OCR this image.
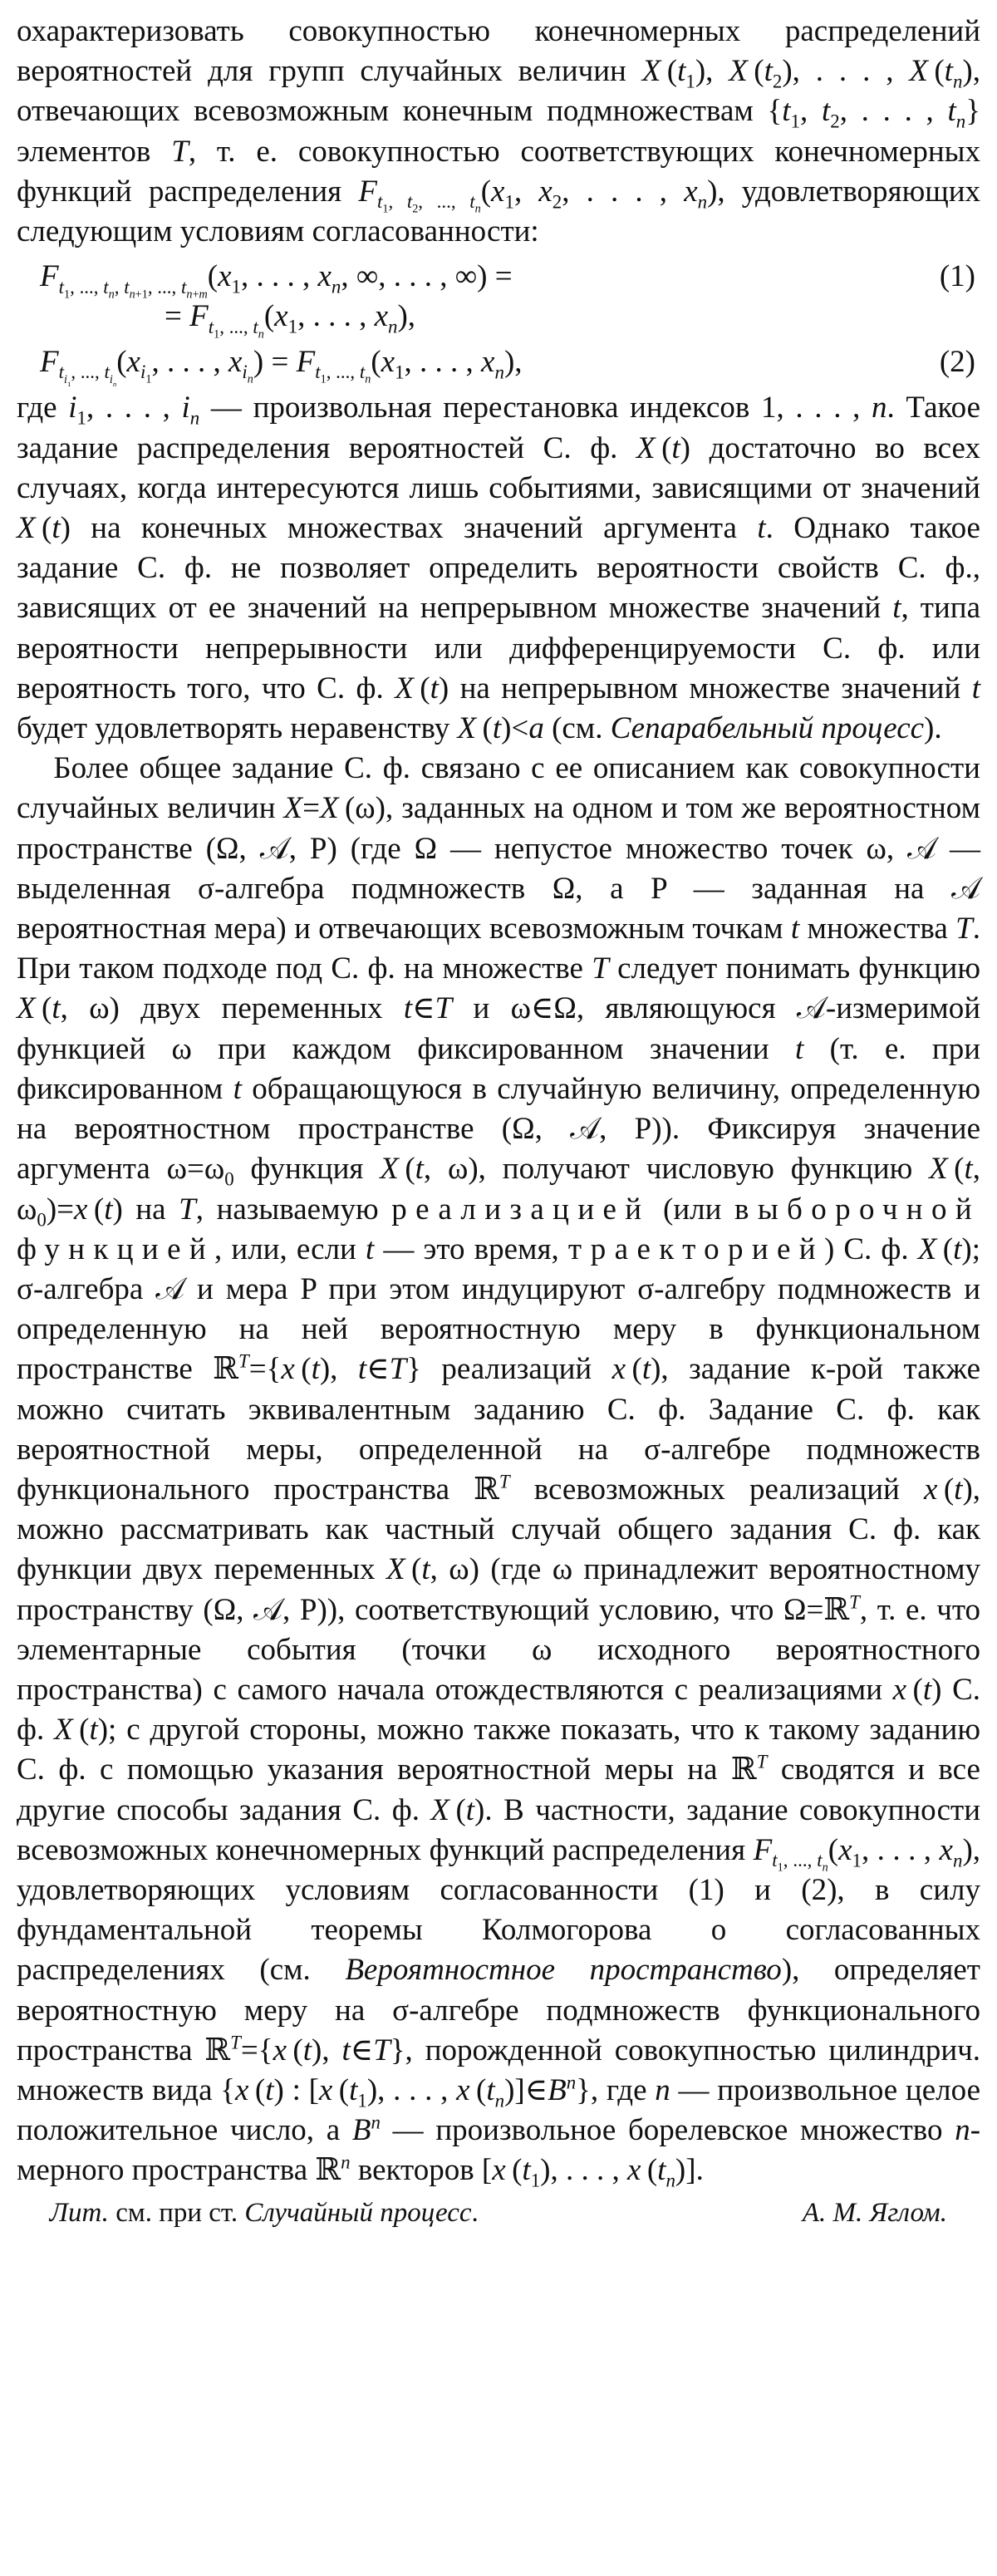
охарактеризовать совокупностью конечномерных распределений вероятностей для групп случайных величин X $(t_1)$, X $(t_2)$, . . . , X $(t_n)$, отвечающих всевозможным конечным подмножествам {$t_1$, $t_2$, . . . , $t_n$} элементов T, т. е. совокупностью соответствующих конечномерных функций распределения $F_{t_1, t_2, ..., t_n}(x_1$, $x_2$, . . . , $x_n$), удовлетворяющих следующим условиям согласованности:

$F_{t_1, ..., t_n, t_{n+1}, ..., t_{n+m}}(x_1$, . . . , $x_n$, ∞, . . . , ∞) =
= $F_{t_1, ..., t_n}(x_1$, . . . , $x_n$),
(1)
$F_{t_{i_1}, ..., t_{i_n}}(x_{i_1}$, . . . , $x_{i_n}) = F_{t_1, ..., t_n}(x_1$, . . . , $x_n$),	(2)

где $i_1$, . . . , $i_n$ — произвольная перестановка индексов 1, . . . , n. Такое задание распределения вероятностей С. ф. X (t) достаточно во всех случаях, когда интересуются лишь событиями, зависящими от значений X (t) на конечных множествах значений аргумента t. Однако такое задание С. ф. не позволяет определить вероятности свойств С. ф., зависящих от ее значений на непрерывном множестве значений t, типа вероятности непрерывности или дифференцируемости С. ф. или вероятность того, что С. ф. X (t) на непрерывном множестве значений t будет удовлетворять неравенству X (t)<a (см. Сепарабельный процесс).

Более общее задание С. ф. связано с ее описанием как совокупности случайных величин X=X (ω), заданных на одном и том же вероятностном пространстве (Ω, 𝒜, P) (где Ω — непустое множество точек ω, 𝒜 — выделенная σ-алгебра подмножеств Ω, а P — заданная на 𝒜 вероятностная мера) и отвечающих всевозможным точкам t множества T. При таком подходе под С. ф. на множестве T следует понимать функцию X (t, ω) двух переменных t∈T и ω∈Ω, являющуюся 𝒜-измеримой функцией ω при каждом фиксированном значении t (т. е. при фиксированном t обращающуюся в случайную величину, определенную на вероятностном пространстве (Ω, 𝒜, P)). Фиксируя значение аргумента $\omega=\omega_0$ функция X (t, ω), получают числовую функцию X (t, $\omega_0)=x$ (t) на T, называемую реализацией (или выборочной функцией, или, если t — это время, траекторией) С. ф. X (t); σ-алгебра 𝒜 и мера P при этом индуцируют σ-алгебру подмножеств и определенную на ней вероятностную меру в функциональном пространстве ℝ$^T$={x (t), t∈T} реализаций x (t), задание к-рой также можно считать эквивалентным заданию С. ф. Задание С. ф. как вероятностной меры, определенной на σ-алгебре подмножеств функционального пространства ℝ$^T$ всевозможных реализаций x (t), можно рассматривать как частный случай общего задания С. ф. как функции двух переменных X (t, ω) (где ω принадлежит вероятностному пространству (Ω, 𝒜, P)), соответствующий условию, что Ω=ℝ$^T$, т. е. что элементарные события (точки ω исходного вероятностного пространства) с самого начала отождествляются с реализациями x (t) С. ф. X (t); с другой стороны, можно также показать, что к такому заданию С. ф. с помощью указания вероятностной меры на ℝ$^T$ сводятся и все другие способы задания С. ф. X (t). В частности, задание совокупности всевозможных конечномерных функций распределения $F_{t_1, ..., t_n}(x_1$, . . . , $x_n$), удовлетворяющих условиям согласованности (1) и (2), в силу фундаментальной теоремы Колмогорова о согласованных распределениях (см. Вероятностное пространство), определяет вероятностную меру на σ-алгебре подмножеств функционального пространства ℝ$^T$={x (t), t∈T}, порожденной совокупностью цилиндрич. множеств вида {x (t) : [x $(t_1)$, . . . , x $(t_n)]\in B^n$}, где n — произвольное целое положительное число, а $B^n$ — произвольное борелевское множество n-мерного пространства ℝ$^n$ векторов [x $(t_1)$, . . . , x $(t_n)$].

Лит. см. при ст. Случайный процесс.	А. М. Яглом.
